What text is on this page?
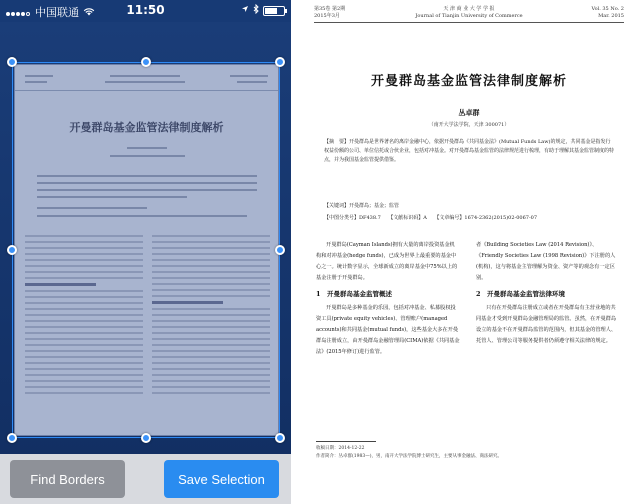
中国联通	11:50
开曼群岛基金监管法律制度解析
Find Borders	Save Selection
第35卷 第2期
2015年3月
天 津 商 业 大 学 学 报
Journal of Tianjin University of Commerce
Vol. 35 No. 2
Mar. 2015
开曼群岛基金监管法律制度解析
丛卓群
（南开大学法学院，天津 300071）
【摘　要】开曼群岛是世界著名的离岸金融中心，依据开曼群岛《共同基金法》(Mutual Funds Law)的规定，共同基金是指发行权益份额的公司、单位信托或合伙企业，包括对冲基金。对开曼群岛基金监管的法律规范进行梳理，有助于理解其基金监管制度的特点，并为我国基金监管提供借鉴。
【关键词】开曼群岛；基金；监管
【中图分类号】DF438.7　　【文献标识码】A　　【文章编号】1674-2362(2015)02-0067-07

开曼群岛(Cayman Islands)拥有大量的离岸投资基金机构和对冲基金(hedge funds)，已成为世界上最重要的基金中心之一。统计数字显示，全球新成立的离岸基金中75%以上的基金注册于开曼群岛。

1　开曼群岛基金监管概述

开曼群岛是多种基金的乐园，包括对冲基金、私募股权投资工具(private equity vehicles)、管理账户(managed accounts)和共同基金(mutual funds)，这些基金大多在开曼群岛注册成立，由开曼群岛金融管理局(CIMA)依据《共同基金法》(2015年修订)进行监管。

者《Building Societies Law (2014 Revision)》、《Friendly Societies Law (1998 Revision)》下注册的人(机构)，这与将基金主管理解为资金、资产等的观念有一定区别。

2　开曼群岛基金监管法律环境

只有在开曼群岛注册成立或者在开曼群岛有主营业地的共同基金才受到开曼群岛金融管理局的监管。虽然，在开曼群岛设立的基金不在开曼群岛监管的范围内，但其基金的管理人、托管人、管理公司等服务提供者仍须遵守相关法律的规定。

收稿日期：2014-12-22
作者简介：丛卓群(1983—)，男，南开大学法学院博士研究生，主要从事金融法、商法研究。
